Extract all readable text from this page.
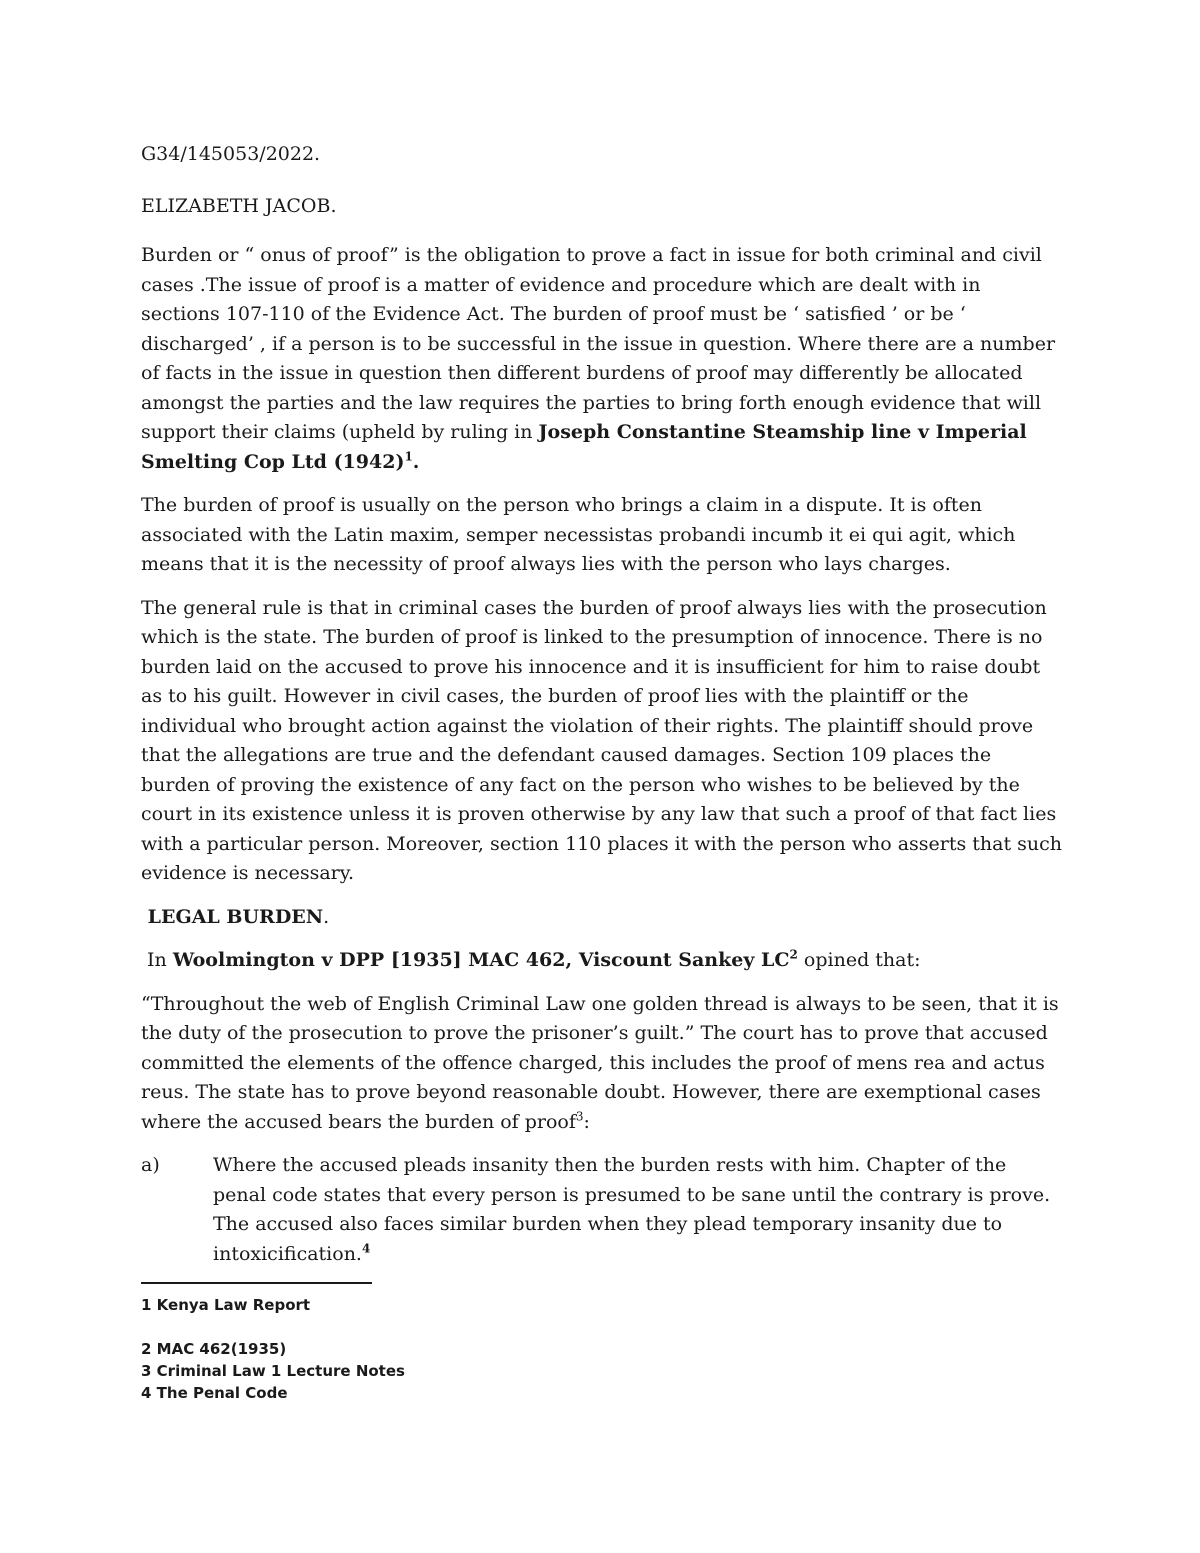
G34/145053/2022.

ELIZABETH JACOB.

Burden or “ onus of proof” is the obligation to prove a fact in issue for both criminal and civil cases .The issue of proof is a matter of evidence and procedure which are dealt with in sections 107-110 of the Evidence Act. The burden of proof must be ‘ satisfied ’ or be ‘ discharged’ , if a person is to be successful in the issue in question. Where there are a number of facts in the issue in question then different burdens of proof may differently be allocated amongst the parties and the law requires the parties to bring forth enough evidence that will support their claims (upheld by ruling in Joseph Constantine Steamship line v Imperial Smelting Cop Ltd $(1942)^1$.

The burden of proof is usually on the person who brings a claim in a dispute. It is often associated with the Latin maxim, semper necessistas probandi incumb it ei qui agit, which means that it is the necessity of proof always lies with the person who lays charges.

The general rule is that in criminal cases the burden of proof always lies with the prosecution which is the state. The burden of proof is linked to the presumption of innocence. There is no burden laid on the accused to prove his innocence and it is insufficient for him to raise doubt as to his guilt. However in civil cases, the burden of proof lies with the plaintiff or the individual who brought action against the violation of their rights. The plaintiff should prove that the allegations are true and the defendant caused damages. Section 109 places the burden of proving the existence of any fact on the person who wishes to be believed by the court in its existence unless it is proven otherwise by any law that such a proof of that fact lies with a particular person. Moreover, section 110 places it with the person who asserts that such evidence is necessary.

LEGAL BURDEN.

In Woolmington v DPP [1935] MAC 462, Viscount Sankey $LC^2$ opined that:

“Throughout the web of English Criminal Law one golden thread is always to be seen, that it is the duty of the prosecution to prove the prisoner’s guilt.” The court has to prove that accused committed the elements of the offence charged, this includes the proof of mens rea and actus reus. The state has to prove beyond reasonable doubt. However, there are exemptional cases where the accused bears the burden of proof$^3$:

a)	Where the accused pleads insanity then the burden rests with him. Chapter of the penal code states that every person is presumed to be sane until the contrary is prove. The accused also faces similar burden when they plead temporary insanity due to intoxicification.$^4$

1 Kenya Law Report

2 MAC 462(1935)

3 Criminal Law 1 Lecture Notes

4 The Penal Code
